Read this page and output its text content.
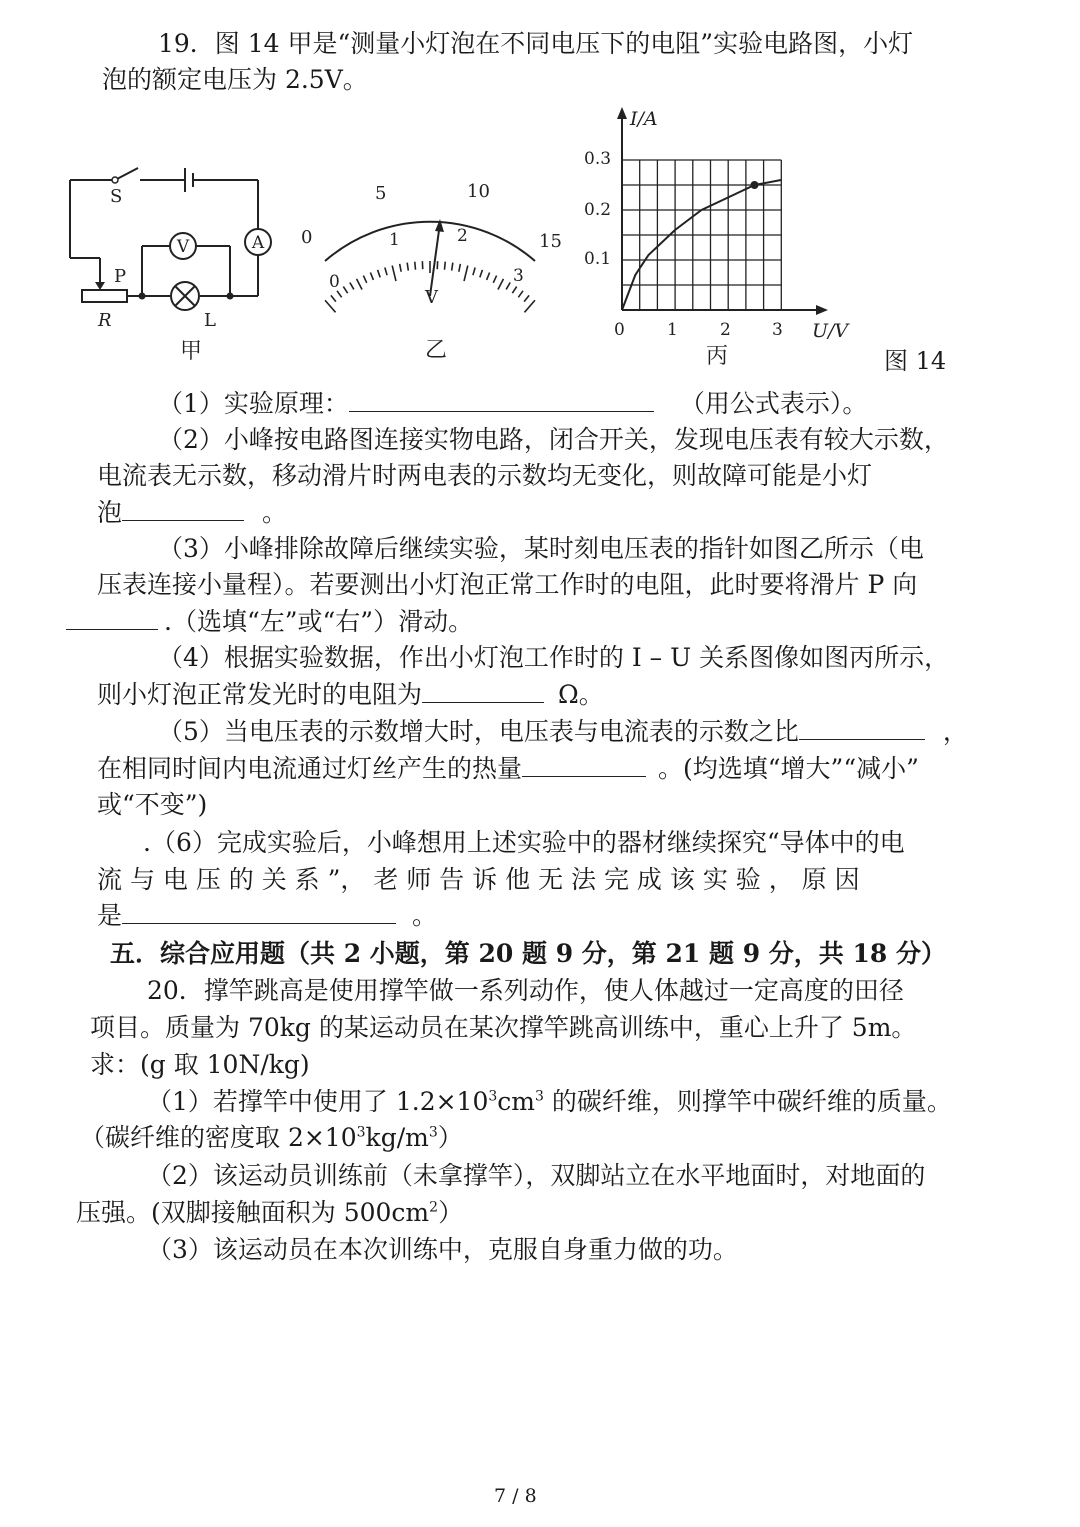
19．图 14 甲是“测量小灯泡在不同电压下的电阻”实验电路图，小灯
泡的额定电压为 2.5V。
V	A
S
P
R	L
甲
0
5	10
15
0
1	2
3
V
乙
I/A
U/V
0.1
0.2
0.3
0 1 2 3
丙	图 14
（1）实验原理：	（用公式表示）。
（2）小峰按电路图连接实物电路，闭合开关，发现电压表有较大示数，
电流表无示数，移动滑片时两电表的示数均无变化，则故障可能是小灯
泡	。
（3）小峰排除故障后继续实验，某时刻电压表的指针如图乙所示（电
压表连接小量程）。若要测出小灯泡正常工作时的电阻，此时要将滑片 P 向
.（选填“左”或“右”）滑动。
（4）根据实验数据，作出小灯泡工作时的 I – U 关系图像如图丙所示，
则小灯泡正常发光时的电阻为	Ω。
（5）当电压表的示数增大时，电压表与电流表的示数之比	，
在相同时间内电流通过灯丝产生的热量	。(均选填“增大”“减小”
或“不变”)
.（6）完成实验后，小峰想用上述实验中的器材继续探究“导体中的电
流 与 电 压 的 关 系 ”， 老 师 告 诉 他 无 法 完 成 该 实 验 ， 原 因
是	。
五．综合应用题（共 2 小题，第 20 题 9 分，第 21 题 9 分，共 18 分）
20．撑竿跳高是使用撑竿做一系列动作，使人体越过一定高度的田径
项目。质量为 70kg 的某运动员在某次撑竿跳高训练中，重心上升了 5m。
求：(g 取 10N/kg)
（1）若撑竿中使用了 $1.2\times 10^3cm^3$ 的碳纤维，则撑竿中碳纤维的质量。
（碳纤维的密度取 $2\times 10^3kg/m^3$）
（2）该运动员训练前（未拿撑竿），双脚站立在水平地面时，对地面的
压强。(双脚接触面积为 $500cm^2$）
（3）该运动员在本次训练中，克服自身重力做的功。
7 / 8
